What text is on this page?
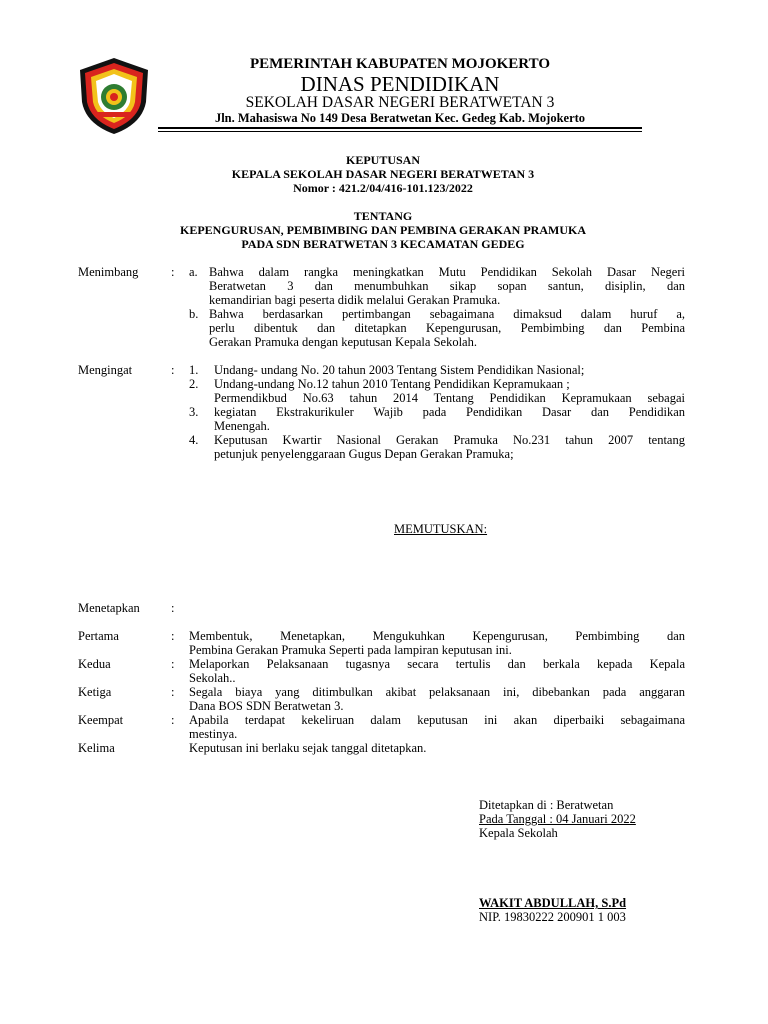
PEMERINTAH KABUPATEN MOJOKERTO
DINAS PENDIDIKAN
SEKOLAH DASAR NEGERI BERATWETAN 3
Jln. Mahasiswa No 149 Desa Beratwetan Kec. Gedeg Kab. Mojokerto
KEPUTUSAN
KEPALA SEKOLAH DASAR NEGERI BERATWETAN 3
Nomor : 421.2/04/416-101.123/2022
TENTANG
KEPENGURUSAN, PEMBIMBING DAN PEMBINA GERAKAN PRAMUKA
PADA SDN BERATWETAN 3 KECAMATAN GEDEG
Menimbang	: a. Bahwa dalam rangka meningkatkan Mutu Pendidikan Sekolah Dasar Negeri
Beratwetan 3 dan menumbuhkan sikap sopan santun, disiplin, dan
kemandirian bagi peserta didik melalui Gerakan Pramuka.
b. Bahwa berdasarkan pertimbangan sebagaimana dimaksud dalam huruf a,
perlu dibentuk dan ditetapkan Kepengurusan, Pembimbing dan Pembina
Gerakan Pramuka dengan keputusan Kepala Sekolah.
Mengingat	: 1. Undang- undang No. 20 tahun 2003 Tentang Sistem Pendidikan Nasional;
2. Undang-undang No.12 tahun 2010 Tentang Pendidikan Kepramukaan ;
Permendikbud No.63 tahun 2014 Tentang Pendidikan Kepramukaan sebagai
3. kegiatan Ekstrakurikuler Wajib pada Pendidikan Dasar dan Pendidikan
Menengah.
4. Keputusan Kwartir Nasional Gerakan Pramuka No.231 tahun 2007 tentang
petunjuk penyelenggaraan Gugus Depan Gerakan Pramuka;
MEMUTUSKAN:
Menetapkan :
Pertama	: Membentuk, Menetapkan, Mengukuhkan Kepengurusan, Pembimbing dan
Pembina Gerakan Pramuka Seperti pada lampiran keputusan ini.
Kedua	: Melaporkan Pelaksanaan tugasnya secara tertulis dan berkala kepada Kepala
Sekolah..
Ketiga	: Segala biaya yang ditimbulkan akibat pelaksanaan ini, dibebankan pada anggaran
Dana BOS SDN Beratwetan 3.
Keempat	: Apabila terdapat kekeliruan dalam keputusan ini akan diperbaiki sebagaimana
mestinya.
Kelima	Keputusan ini berlaku sejak tanggal ditetapkan.
Ditetapkan di : Beratwetan
Pada Tanggal : 04 Januari 2022
Kepala Sekolah
WAKIT ABDULLAH, S.Pd
NIP. 19830222 200901 1 003
